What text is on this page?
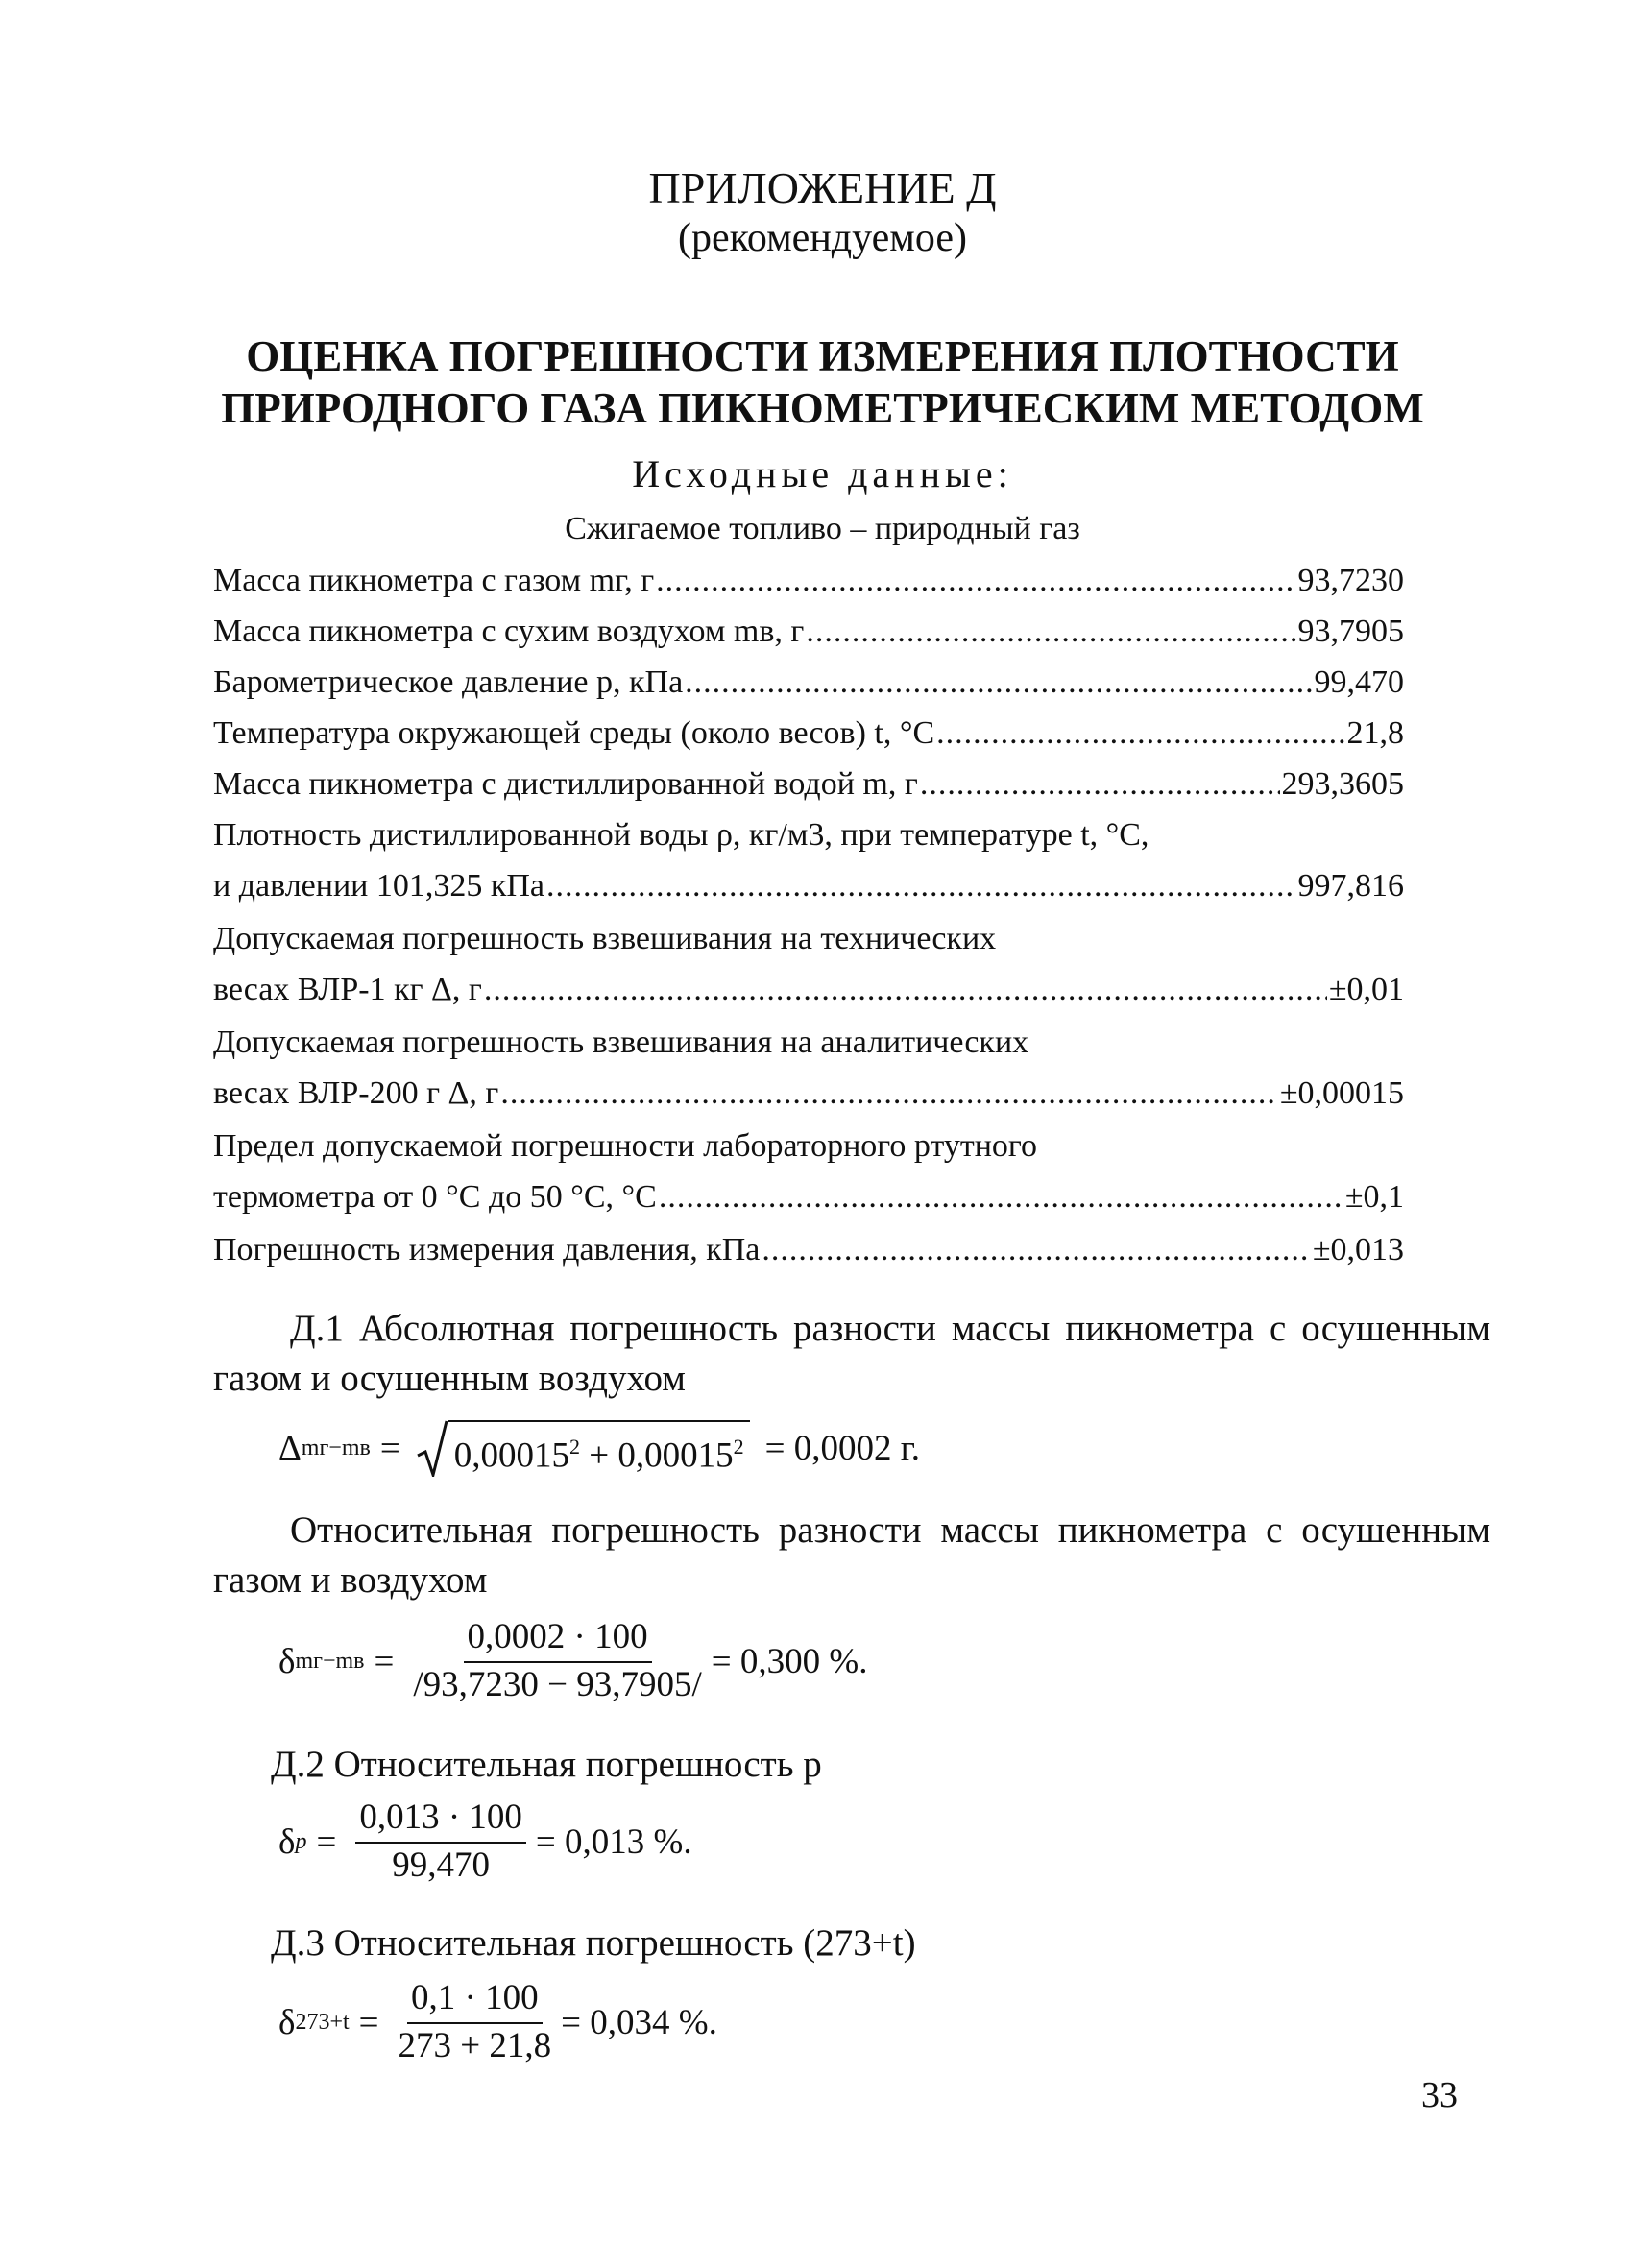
ПРИЛОЖЕНИЕ Д
(рекомендуемое)
ОЦЕНКА ПОГРЕШНОСТИ ИЗМЕРЕНИЯ ПЛОТНОСТИ
ПРИРОДНОГО ГАЗА ПИКНОМЕТРИЧЕСКИМ МЕТОДОМ
Исходные данные:
Сжигаемое топливо – природный газ
Масса пикнометра с газом mг, г .....	93,7230
Масса пикнометра с сухим воздухом mв, г .....	93,7905
Барометрическое давление p, кПа .....	99,470
Температура окружающей среды (около весов) t, °С .....	21,8
Масса пикнометра с дистиллированной водой m, г .....	293,3605
Плотность дистиллированной воды ρ, кг/м3, при температуре t, °С,
и давлении 101,325 кПа .....	997,816
Допускаемая погрешность взвешивания на технических
весах ВЛР-1 кг Δ, г .....	±0,01
Допускаемая погрешность взвешивания на аналитических
весах ВЛР-200 г Δ, г .....	±0,00015
Предел допускаемой погрешности лабораторного ртутного
термометра от 0 °С до 50 °С, °С .....	±0,1
Погрешность измерения давления, кПа .....	±0,013
Д.1 Абсолютная погрешность разности массы пикнометра с осушенным газом и осушенным воздухом
Δ $mг-mв = 0,00015^2 + 0,00015^2 = 0,0002$ г.
Относительная погрешность разности массы пикнометра с осушенным газом и воздухом
δ $mг-mв = \frac{0,0002 \cdot 100}{/93,7230 - 93,7905/} = 0,300$ %.
Д.2 Относительная погрешность p
δ $p = \frac{0,013 \cdot 100}{99,470} = 0,013$ %.
Д.3 Относительная погрешность (273+t)
δ $273+t = \frac{0,1 \cdot 100}{273 + 21,8} = 0,034$ %.
33
